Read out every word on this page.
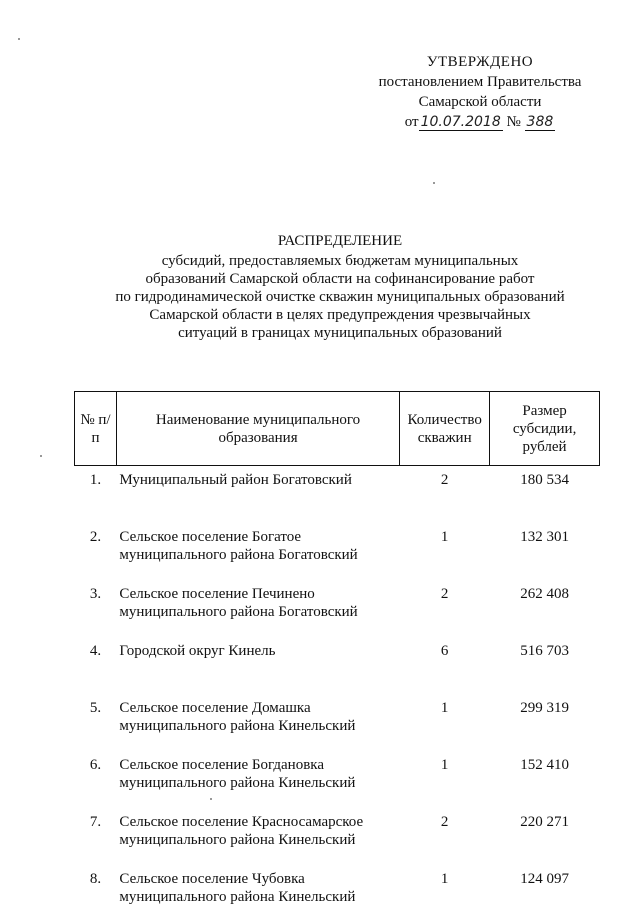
УТВЕРЖДЕНО
постановлением Правительства
Самарской области
от 10.07.2018 № 388
РАСПРЕДЕЛЕНИЕ
субсидий, предоставляемых бюджетам муниципальных
образований Самарской области на софинансирование работ
по гидродинамической очистке скважин муниципальных образований
Самарской области в целях предупреждения чрезвычайных
ситуаций в границах муниципальных образований
№ п/п	Наименование муниципального образования	Количество скважин	Размер субсидии, рублей
1.	Муниципальный район Богатовский	2	180 534
2.	Сельское поселение Богатое муниципального района Богатовский	1	132 301
3.	Сельское поселение Печинено муниципального района Богатовский	2	262 408
4.	Городской округ Кинель	6	516 703
5.	Сельское поселение Домашка муниципального района Кинельский	1	299 319
6.	Сельское поселение Богдановка муниципального района Кинельский	1	152 410
7.	Сельское поселение Красносамарское муниципального района Кинельский	2	220 271
8.	Сельское поселение Чубовка муниципального района Кинельский	1	124 097
